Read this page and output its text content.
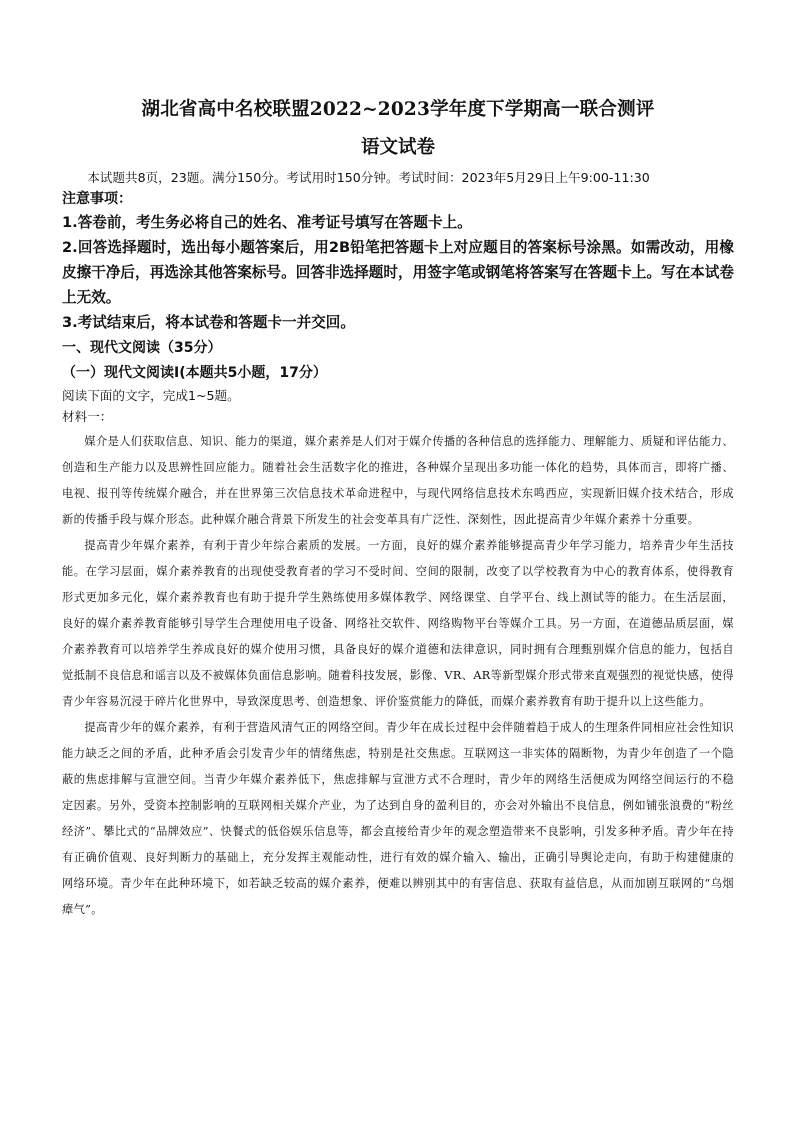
湖北省高中名校联盟2022~2023学年度下学期高一联合测评
语文试卷

本试题共8页，23题。满分150分。考试用时150分钟。考试时间：2023年5月29日上午9:00-11:30

注意事项：

1.答卷前，考生务必将自己的姓名、准考证号填写在答题卡上。

2.回答选择题时，选出每小题答案后，用2B铅笔把答题卡上对应题目的答案标号涂黑。如需改动，用橡皮擦干净后，再选涂其他答案标号。回答非选择题时，用签字笔或钢笔将答案写在答题卡上。写在本试卷上无效。

3.考试结束后，将本试卷和答题卡一并交回。

一、现代文阅读（35分）

（一）现代文阅读Ⅰ(本题共5小题，17分）

阅读下面的文字，完成1~5题。

材料一：

媒介是人们获取信息、知识、能力的渠道，媒介素养是人们对于媒介传播的各种信息的选择能力、理解能力、质疑和评估能力、创造和生产能力以及思辨性回应能力。随着社会生活数字化的推进，各种媒介呈现出多功能一体化的趋势，具体而言，即将广播、电视、报刊等传统媒介融合，并在世界第三次信息技术革命进程中，与现代网络信息技术东鸣西应，实现新旧媒介技术结合，形成新的传播手段与媒介形态。此种媒介融合背景下所发生的社会变革具有广泛性、深刻性，因此提高青少年媒介素养十分重要。

提高青少年媒介素养，有利于青少年综合素质的发展。一方面，良好的媒介素养能够提高青少年学习能力，培养青少年生活技能。在学习层面，媒介素养教育的出现使受教育者的学习不受时间、空间的限制，改变了以学校教育为中心的教育体系，使得教育形式更加多元化，媒介素养教育也有助于提升学生熟练使用多媒体教学、网络课堂、自学平台、线上测试等的能力。在生活层面，良好的媒介素养教育能够引导学生合理使用电子设备、网络社交软件、网络购物平台等媒介工具。另一方面，在道德品质层面，媒介素养教育可以培养学生养成良好的媒介使用习惯，具备良好的媒介道德和法律意识，同时拥有合理甄别媒介信息的能力，包括自觉抵制不良信息和谣言以及不被媒体负面信息影响。随着科技发展，影像、VR、AR等新型媒介形式带来直观强烈的视觉快感，使得青少年容易沉浸于碎片化世界中，导致深度思考、创造想象、评价鉴赏能力的降低，而媒介素养教育有助于提升以上这些能力。

提高青少年的媒介素养，有利于营造风清气正的网络空间。青少年在成长过程中会伴随着趋于成人的生理条件同相应社会性知识能力缺乏之间的矛盾，此种矛盾会引发青少年的情绪焦虑，特别是社交焦虑。互联网这一非实体的隔断物，为青少年创造了一个隐蔽的焦虑排解与宣泄空间。当青少年媒介素养低下，焦虑排解与宣泄方式不合理时，青少年的网络生活便成为网络空间运行的不稳定因素。另外，受资本控制影响的互联网相关媒介产业，为了达到自身的盈利目的，亦会对外输出不良信息，例如铺张浪费的“粉丝经济”、攀比式的“品牌效应”、快餐式的低俗娱乐信息等，都会直接给青少年的观念塑造带来不良影响，引发多种矛盾。青少年在持有正确价值观、良好判断力的基础上，充分发挥主观能动性，进行有效的媒介输入、输出，正确引导舆论走向，有助于构建健康的网络环境。青少年在此种环境下，如若缺乏较高的媒介素养，便难以辨别其中的有害信息、获取有益信息，从而加剧互联网的“乌烟瘴气”。
